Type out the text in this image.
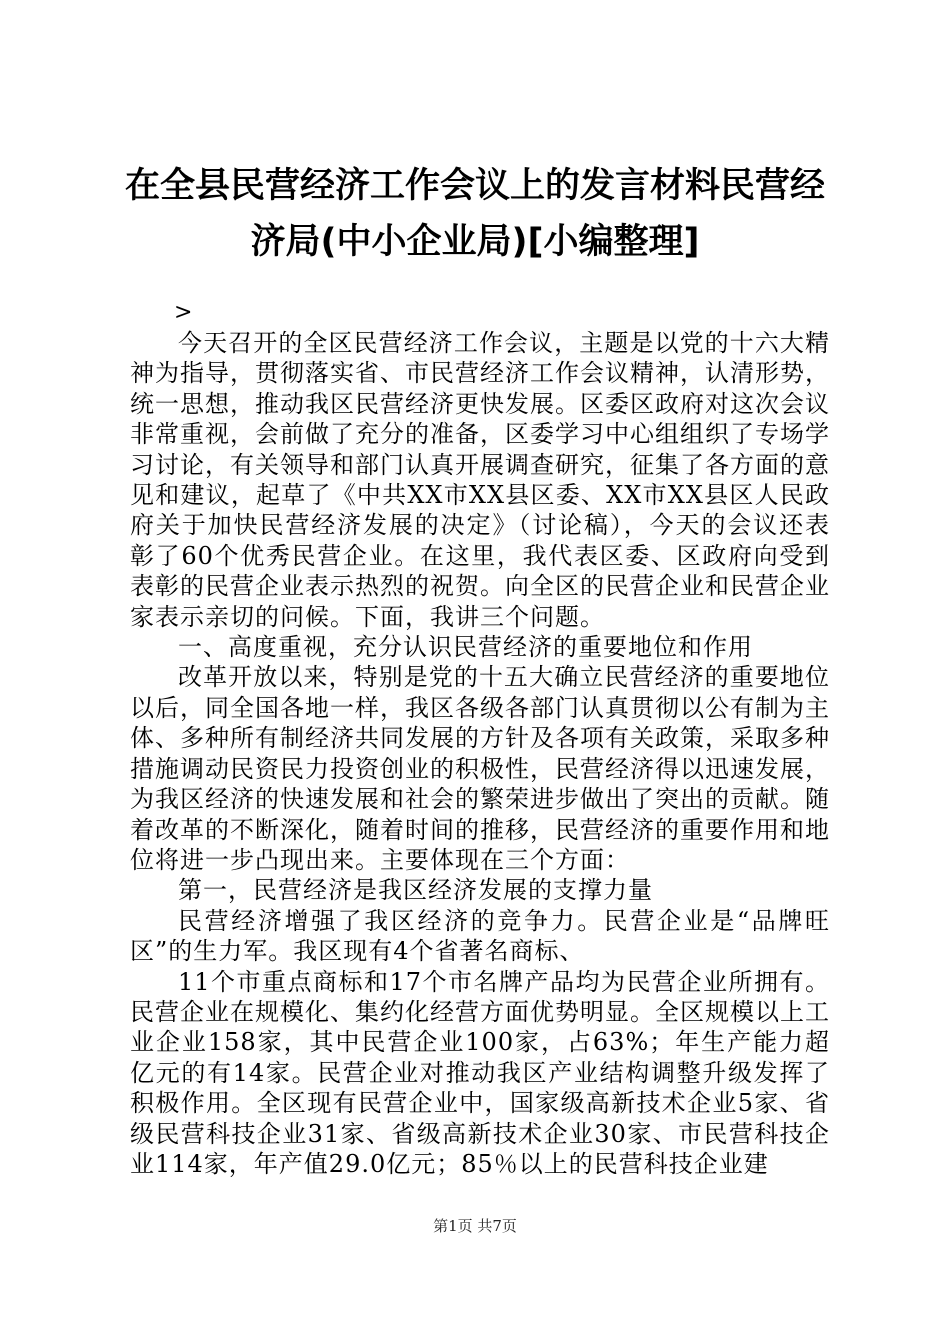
在全县民营经济工作会议上的发言材料民营经济局(中小企业局)[小编整理]
>

今天召开的全区民营经济工作会议，主题是以党的十六大精神为指导，贯彻落实省、市民营经济工作会议精神，认清形势，统一思想，推动我区民营经济更快发展。区委区政府对这次会议非常重视，会前做了充分的准备，区委学习中心组组织了专场学习讨论，有关领导和部门认真开展调查研究，征集了各方面的意见和建议，起草了《中共XX市XX县区委、XX市XX县区人民政府关于加快民营经济发展的决定》（讨论稿），今天的会议还表彰了60个优秀民营企业。在这里，我代表区委、区政府向受到表彰的民营企业表示热烈的祝贺。向全区的民营企业和民营企业家表示亲切的问候。下面，我讲三个问题。

一、高度重视，充分认识民营经济的重要地位和作用

改革开放以来，特别是党的十五大确立民营经济的重要地位以后，同全国各地一样，我区各级各部门认真贯彻以公有制为主体、多种所有制经济共同发展的方针及各项有关政策，采取多种措施调动民资民力投资创业的积极性，民营经济得以迅速发展，为我区经济的快速发展和社会的繁荣进步做出了突出的贡献。随着改革的不断深化，随着时间的推移，民营经济的重要作用和地位将进一步凸现出来。主要体现在三个方面：

第一，民营经济是我区经济发展的支撑力量

民营经济增强了我区经济的竞争力。民营企业是“品牌旺区”的生力军。我区现有4个省著名商标、

11个市重点商标和17个市名牌产品均为民营企业所拥有。民营企业在规模化、集约化经营方面优势明显。全区规模以上工业企业158家，其中民营企业100家，占63%；年生产能力超亿元的有14家。民营企业对推动我区产业结构调整升级发挥了积极作用。全区现有民营企业中，国家级高新技术企业5家、省级民营科技企业31家、省级高新技术企业30家、市民营科技企业114家，年产值29.0亿元；85％以上的民营科技企业建

第1页 共7页
